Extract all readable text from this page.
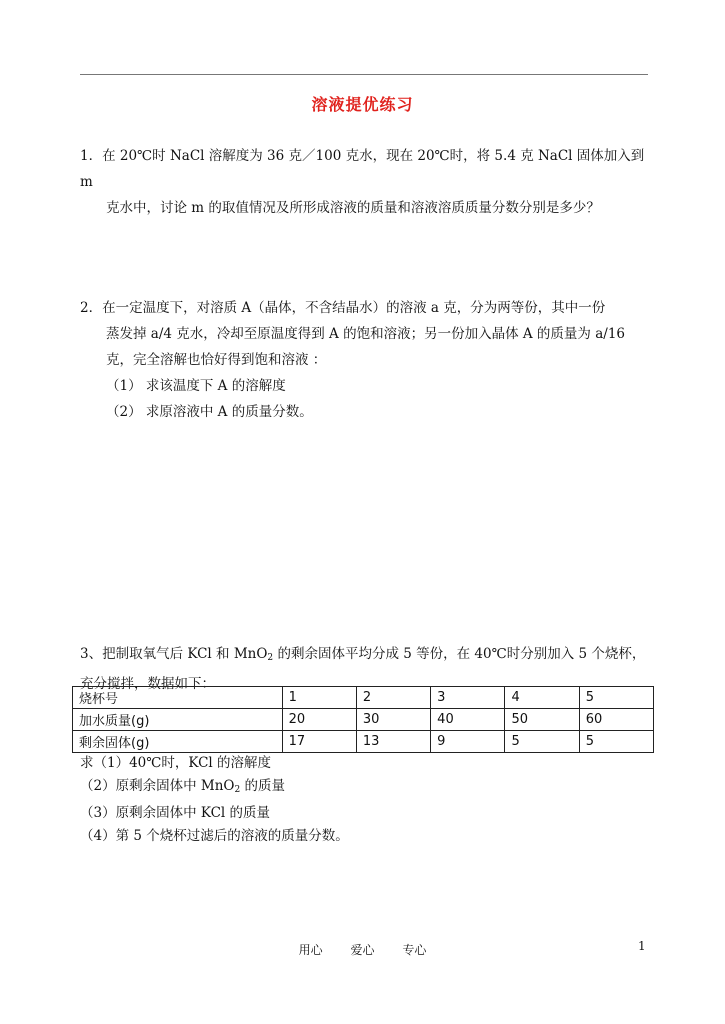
溶液提优练习
1．在 20℃时 NaCl 溶解度为 36 克／100 克水，现在 20℃时，将 5.4 克 NaCl 固体加入到 m
克水中，讨论 m 的取值情况及所形成溶液的质量和溶液溶质质量分数分别是多少？
2．在一定温度下，对溶质 A（晶体，不含结晶水）的溶液 a 克，分为两等份，其中一份
蒸发掉 a/4 克水，冷却至原温度得到 A 的饱和溶液；另一份加入晶体 A 的质量为 a/16
克，完全溶解也恰好得到饱和溶液 ：
（1） 求该温度下 A 的溶解度
（2） 求原溶液中 A 的质量分数。
3、把制取氧气后 KCl 和 MnO$_2$ 的剩余固体平均分成 5 等份，在 40℃时分别加入 5 个烧杯，
充分搅拌，数据如下：
烧杯号	1	2	3	4	5
加水质量(g)	20	30	40	50	60
剩余固体(g)	17	13	9	5	5
求（1）40℃时，KCl 的溶解度
（2）原剩余固体中 MnO$_2$ 的质量
（3）原剩余固体中 KCl 的质量
（4）第 5 个烧杯过滤后的溶液的质量分数。
用心 爱心 专心	1
